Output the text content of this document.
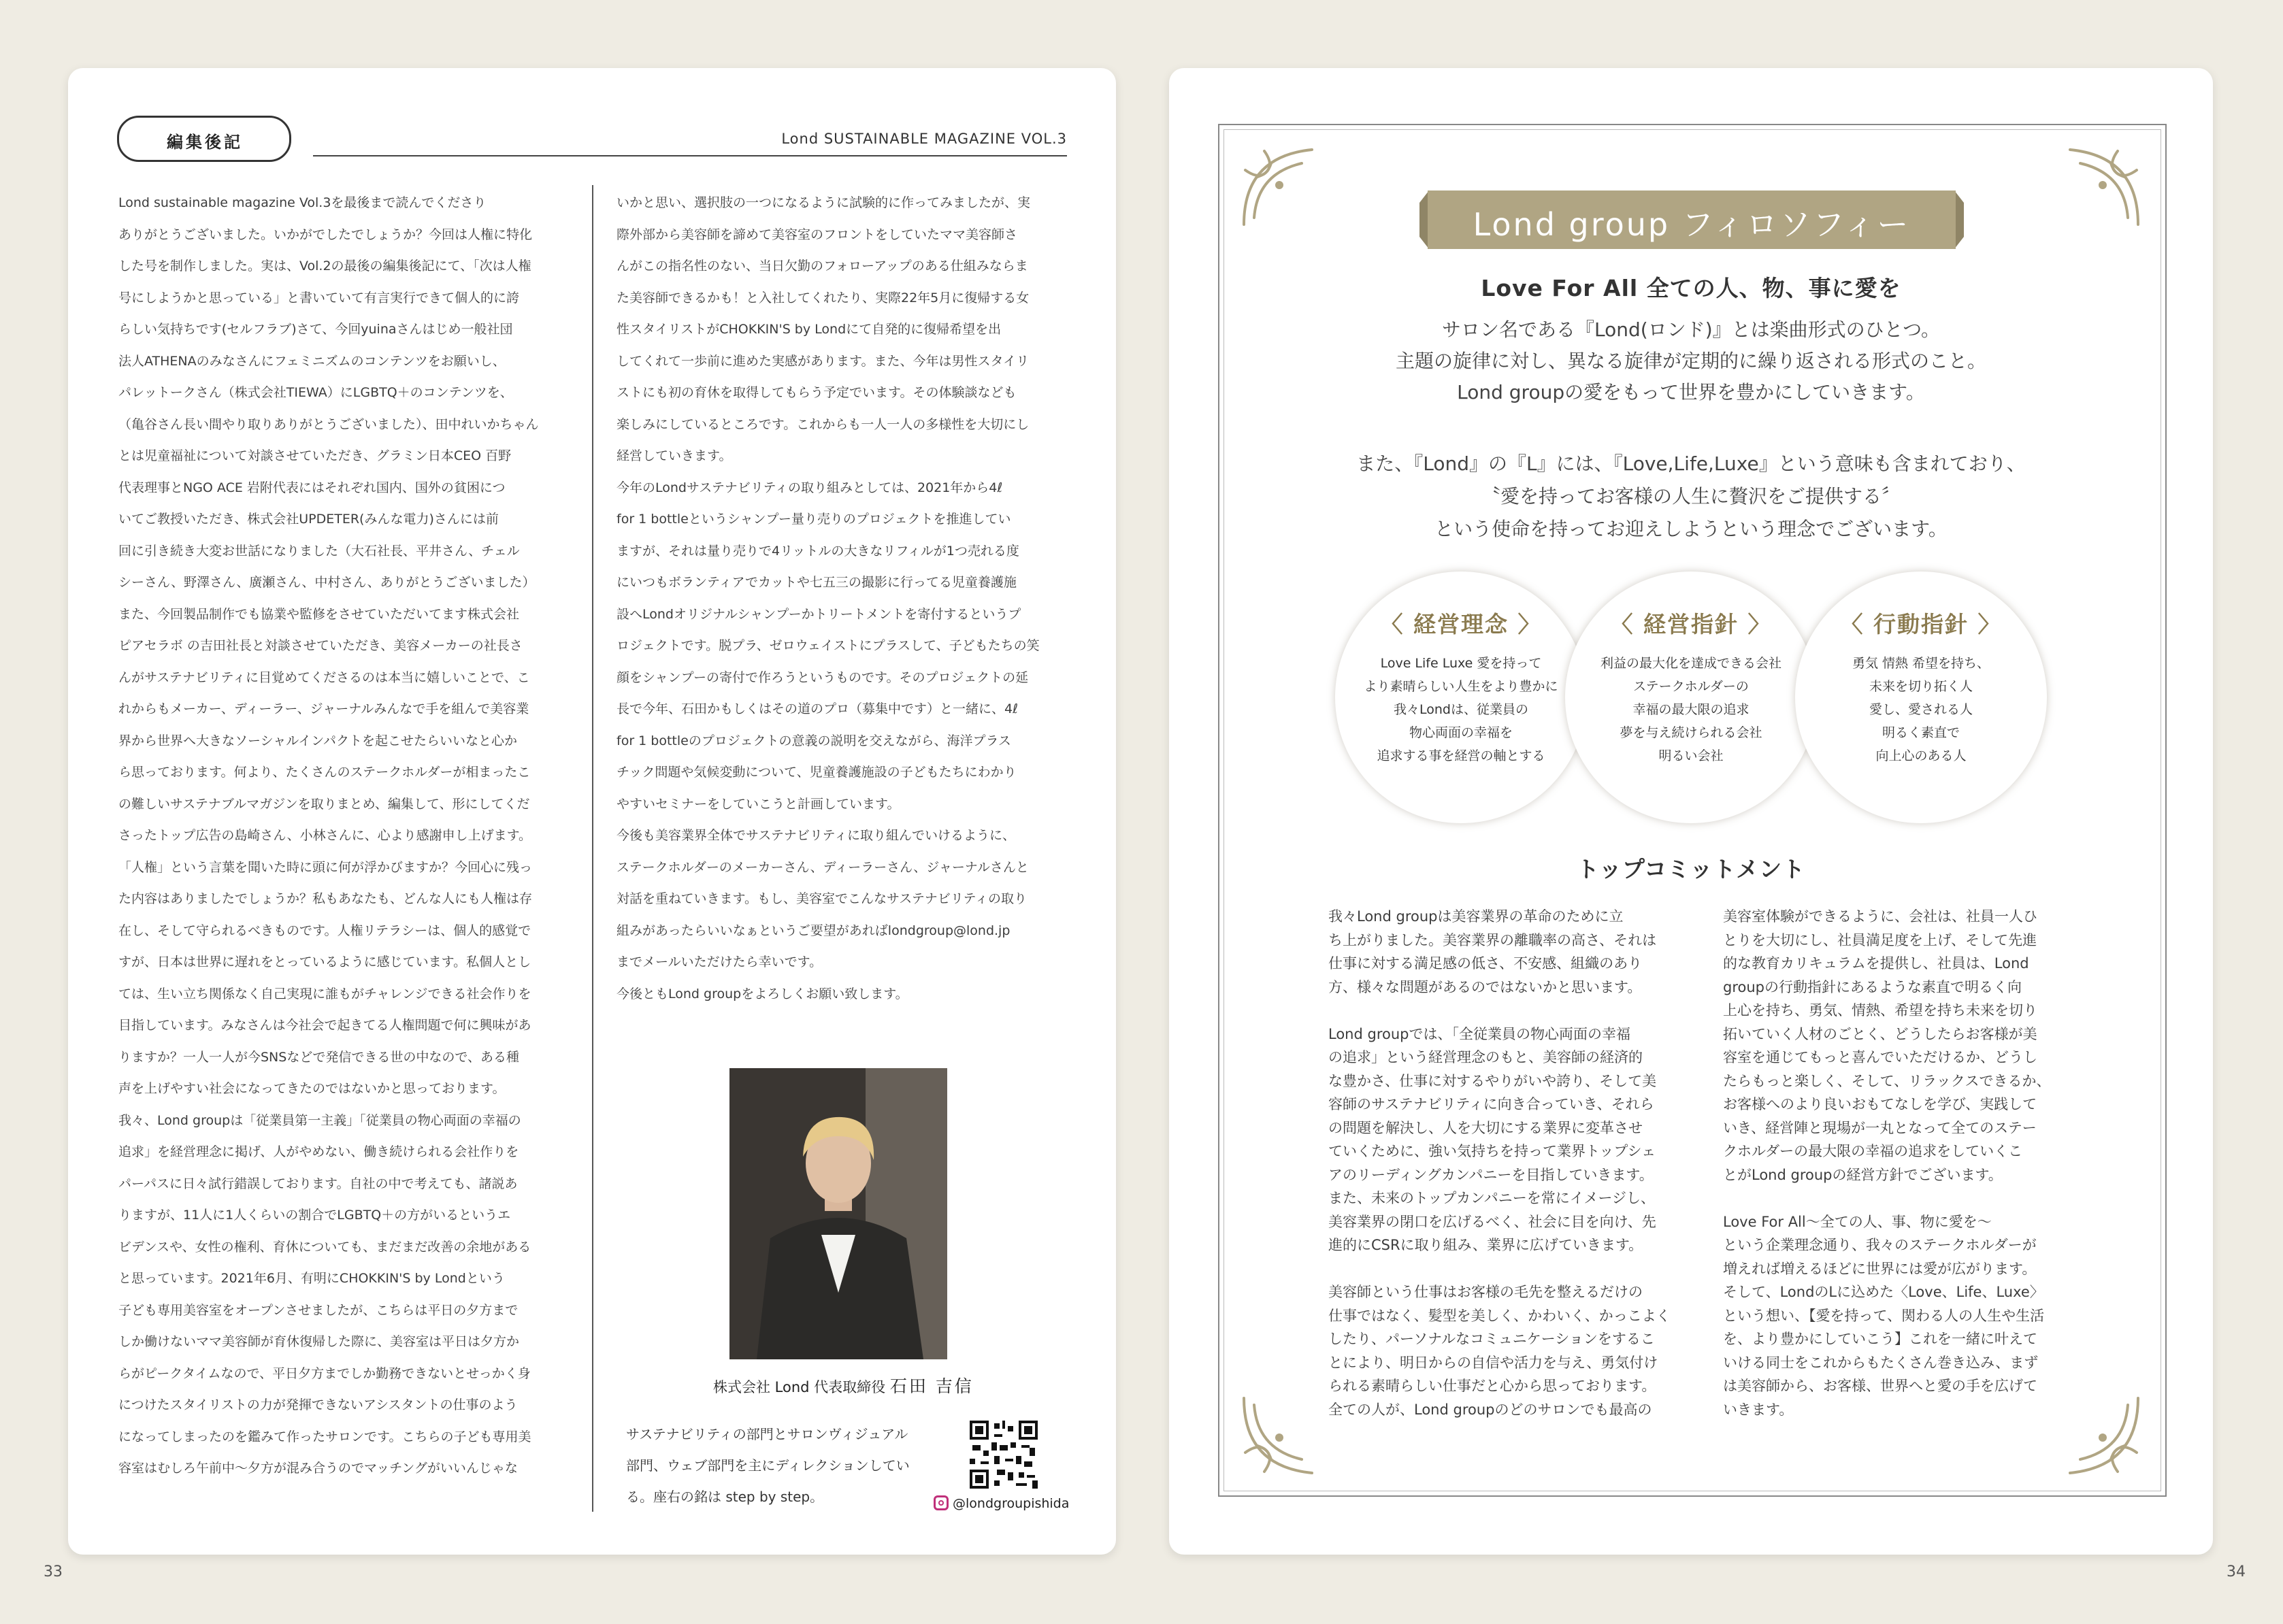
編集後記	Lond SUSTAINABLE MAGAZINE VOL.3
Lond sustainable magazine Vol.3を最後まで読んでくださり
ありがとうございました。いかがでしたでしょうか？今回は人権に特化
した号を制作しました。実は、Vol.2の最後の編集後記にて、「次は人権
号にしようかと思っている」と書いていて有言実行できて個人的に誇
らしい気持ちです(セルフラブ)さて、今回yuinaさんはじめ一般社団
法人ATHENAのみなさんにフェミニズムのコンテンツをお願いし、
パレットークさん（株式会社TIEWA）にLGBTQ＋のコンテンツを、
（亀谷さん長い間やり取りありがとうございました）、田中れいかちゃん
とは児童福祉について対談させていただき、グラミン日本CEO 百野
代表理事とNGO ACE 岩附代表にはそれぞれ国内、国外の貧困につ
いてご教授いただき、株式会社UPDETER(みんな電力)さんには前
回に引き続き大変お世話になりました（大石社長、平井さん、チェル
シーさん、野澤さん、廣瀬さん、中村さん、ありがとうございました）
また、今回製品制作でも協業や監修をさせていただいてます株式会社
ピアセラボ の吉田社長と対談させていただき、美容メーカーの社長さ
んがサステナビリティに目覚めてくださるのは本当に嬉しいことで、こ
れからもメーカー、ディーラー、ジャーナルみんなで手を組んで美容業
界から世界へ大きなソーシャルインパクトを起こせたらいいなと心か
ら思っております。何より、たくさんのステークホルダーが相まったこ
の難しいサステナブルマガジンを取りまとめ、編集して、形にしてくだ
さったトップ広告の島崎さん、小林さんに、心より感謝申し上げます。
「人権」という言葉を聞いた時に頭に何が浮かびますか？今回心に残っ
た内容はありましたでしょうか？私もあなたも、どんな人にも人権は存
在し、そして守られるべきものです。人権リテラシーは、個人的感覚で
すが、日本は世界に遅れをとっているように感じています。私個人とし
ては、生い立ち関係なく自己実現に誰もがチャレンジできる社会作りを
目指しています。みなさんは今社会で起きてる人権問題で何に興味があ
りますか？一人一人が今SNSなどで発信できる世の中なので、ある種
声を上げやすい社会になってきたのではないかと思っております。
我々、Lond groupは「従業員第一主義」「従業員の物心両面の幸福の
追求」を経営理念に掲げ、人がやめない、働き続けられる会社作りを
パーパスに日々試行錯誤しております。自社の中で考えても、諸説あ
りますが、11人に1人くらいの割合でLGBTQ＋の方がいるというエ
ビデンスや、女性の権利、育休についても、まだまだ改善の余地がある
と思っています。2021年6月、有明にCHOKKIN'S by Londという
子ども専用美容室をオープンさせましたが、こちらは平日の夕方まで
しか働けないママ美容師が育休復帰した際に、美容室は平日は夕方か
らがピークタイムなので、平日夕方までしか勤務できないとせっかく身
につけたスタイリストの力が発揮できないアシスタントの仕事のよう
になってしまったのを鑑みて作ったサロンです。こちらの子ども専用美
容室はむしろ午前中～夕方が混み合うのでマッチングがいいんじゃな
いかと思い、選択肢の一つになるように試験的に作ってみましたが、実
際外部から美容師を諦めて美容室のフロントをしていたママ美容師さ
んがこの指名性のない、当日欠勤のフォローアップのある仕組みならま
た美容師できるかも！と入社してくれたり、実際22年5月に復帰する女
性スタイリストがCHOKKIN'S by Londにて自発的に復帰希望を出
してくれて一歩前に進めた実感があります。また、今年は男性スタイリ
ストにも初の育休を取得してもらう予定でいます。その体験談なども
楽しみにしているところです。これからも一人一人の多様性を大切にし
経営していきます。
今年のLondサステナビリティの取り組みとしては、2021年から4ℓ
for 1 bottleというシャンプー量り売りのプロジェクトを推進してい
ますが、それは量り売りで4リットルの大きなリフィルが1つ売れる度
にいつもボランティアでカットや七五三の撮影に行ってる児童養護施
設へLondオリジナルシャンプーかトリートメントを寄付するというプ
ロジェクトです。脱プラ、ゼロウェイストにプラスして、子どもたちの笑
顔をシャンプーの寄付で作ろうというものです。そのプロジェクトの延
長で今年、石田かもしくはその道のプロ（募集中です）と一緒に、4ℓ
for 1 bottleのプロジェクトの意義の説明を交えながら、海洋プラス
チック問題や気候変動について、児童養護施設の子どもたちにわかり
やすいセミナーをしていこうと計画しています。
今後も美容業界全体でサステナビリティに取り組んでいけるように、
ステークホルダーのメーカーさん、ディーラーさん、ジャーナルさんと
対話を重ねていきます。もし、美容室でこんなサステナビリティの取り
組みがあったらいいなぁというご要望があればlondgroup@lond.jp
までメールいただけたら幸いです。
今後ともLond groupをよろしくお願い致します。
株式会社 Lond 代表取締役 石田 吉信
サステナビリティの部門とサロンヴィジュアル
部門、ウェブ部門を主にディレクションしてい
る。座右の銘は step by step。	@londgroupishida
33
Lond group フィロソフィー
Love For All 全ての人、物、事に愛を
サロン名である『Lond(ロンド)』とは楽曲形式のひとつ。
主題の旋律に対し、異なる旋律が定期的に繰り返される形式のこと。
Lond groupの愛をもって世界を豊かにしていきます。
また、『Lond』の『L』には、『Love,Life,Luxe』という意味も含まれており、
〝愛を持ってお客様の人生に贅沢をご提供する〞
という使命を持ってお迎えしようという理念でございます。
〈 経営理念 〉
Love Life Luxe 愛を持って
より素晴らしい人生をより豊かに
我々Londは、従業員の
物心両面の幸福を
追求する事を経営の軸とする
〈 経営指針 〉
利益の最大化を達成できる会社
ステークホルダーの
幸福の最大限の追求
夢を与え続けられる会社
明るい会社
〈 行動指針 〉
勇気 情熱 希望を持ち、
未来を切り拓く人
愛し、愛される人
明るく素直で
向上心のある人
トップコミットメント
我々Lond groupは美容業界の革命のために立
ち上がりました。美容業界の離職率の高さ、それは
仕事に対する満足感の低さ、不安感、組織のあり
方、様々な問題があるのではないかと思います。

Lond groupでは、「全従業員の物心両面の幸福
の追求」という経営理念のもと、美容師の経済的
な豊かさ、仕事に対するやりがいや誇り、そして美
容師のサステナビリティに向き合っていき、それら
の問題を解決し、人を大切にする業界に変革させ
ていくために、強い気持ちを持って業界トップシェ
アのリーディングカンパニーを目指していきます。
また、未来のトップカンパニーを常にイメージし、
美容業界の閉口を広げるべく、社会に目を向け、先
進的にCSRに取り組み、業界に広げていきます。

美容師という仕事はお客様の毛先を整えるだけの
仕事ではなく、髪型を美しく、かわいく、かっこよく
したり、パーソナルなコミュニケーションをするこ
とにより、明日からの自信や活力を与え、勇気付け
られる素晴らしい仕事だと心から思っております。
全ての人が、Lond groupのどのサロンでも最高の
美容室体験ができるように、会社は、社員一人ひ
とりを大切にし、社員満足度を上げ、そして先進
的な教育カリキュラムを提供し、社員は、Lond
groupの行動指針にあるような素直で明るく向
上心を持ち、勇気、情熱、希望を持ち未来を切り
拓いていく人材のごとく、どうしたらお客様が美
容室を通じてもっと喜んでいただけるか、どうし
たらもっと楽しく、そして、リラックスできるか、
お客様へのより良いおもてなしを学び、実践して
いき、経営陣と現場が一丸となって全てのステー
クホルダーの最大限の幸福の追求をしていくこ
とがLond groupの経営方針でございます。

Love For All～全ての人、事、物に愛を～
という企業理念通り、我々のステークホルダーが
増えれば増えるほどに世界には愛が広がります。
そして、LondのLに込めた〈Love、Life、Luxe〉
という想い、【愛を持って、関わる人の人生や生活
を、より豊かにしていこう】これを一緒に叶えて
いける同士をこれからもたくさん巻き込み、まず
は美容師から、お客様、世界へと愛の手を広げて
いきます。
34
